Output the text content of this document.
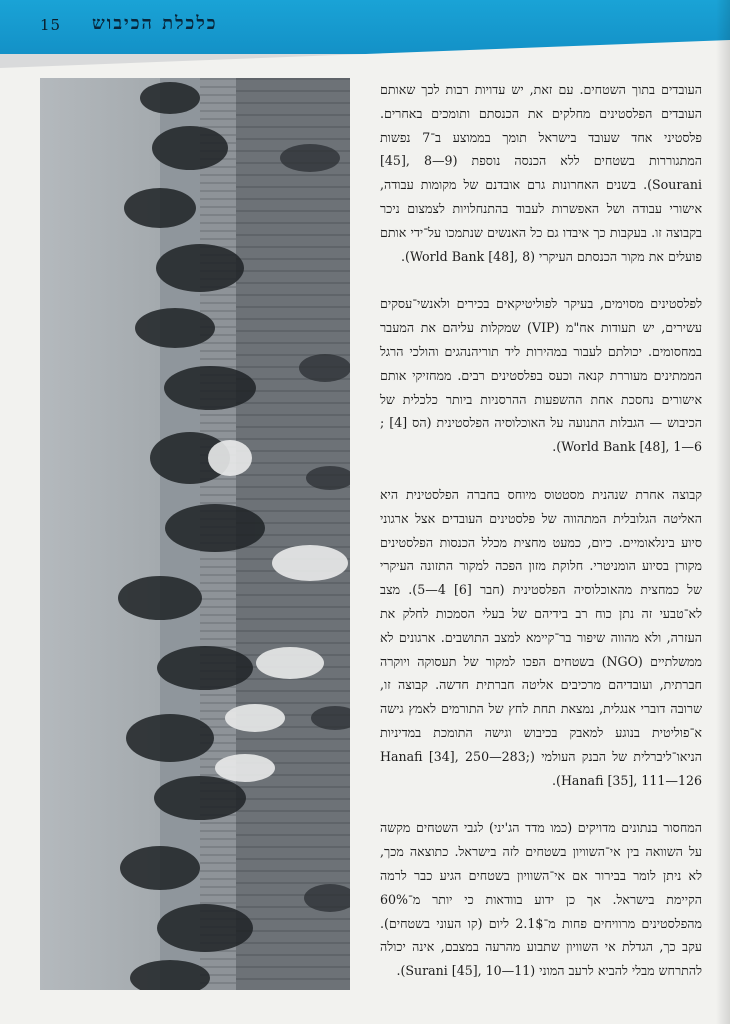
15 כלכלת הכיבוש

העובדים בתוך השטחים. עם זאת, יש עדויות רבות לכך שאותם העובדים הפלסטינים מחלקים את הכנסתם ותומכים באחרים. פלסטיני אחד שעובד בישראל תומך בממוצע ב־7 נפשות המתגוררות בשטחים ללא הכנסה נוספת (9—8 ,[45] Sourani). בשנים האחרונות גרם אובדנם של מקומות עבודה, אישורי עבודה ושל האפשרות לעבוד בהתנחלויות לצמצום ניכר בקבוצה זו. בעקבות כך איבדו גם כל האנשים שנתמכו על־ידי אותם פועלים את מקור הכנסתם העיקרי (World Bank [48], 8).

לפלסטינים מסוימים, בעיקר לפוליטיקאים בכירים ולאנשי־עסקים עשירים, יש תעודות אח"מ (VIP) שמקלות עליהם את המעבר במחסומים. יכולתם לעבור במהירות ליד תוריהנהגים והולכי הרגל הממתינים מעוררת קנאה וכעס בפלסטינים רבים. ממחזיקי אותם אישורים נחסכת אחת ההשפעות ההרסניות ביותר כלכלית של הכיבוש — הגבלות התנועה על האוכלוסיה הפלסטינית (הס [4] ; 6—1 ,[48] World Bank).

קבוצה אחרת שנהנית מסטטוס מיוחס בחברה הפלסטינית היא האליטה הגלובלית המתהווה של פלסטינים העובדים אצל ארגוני סיוע בינלאומיים. כיום, כמעט מחצית מכלל הכנסות הפלסטינים מקורן בסיוע הומניטרי. חלוקת מזון הפכה למקור התזונה העיקרי של כמחצית מהאוכלוסיה הפלסטינית (חבר [6] 4—5). מצב לא־טבעי זה נתן כוח רב בידיהם של בעלי הסמכות לחלק את העזרה, ולא מהווה שיפור בר־קיימא למצב התושבים. ארגונים לא ממשלתיים (NGO) בשטחים הפכו למקור של תעסוקה ויוקרה חברתית, ועובדיהם מרכיבים אליטה חברתית חדשה. קבוצה זו, שרובה דוברי אנגלית, נמצאת תחת לחץ של התורמים לאמץ גישה א־פוליטית בנוגע למאבק בכיבוש וגישה התומכת במדיניות הניאו־ליברלית של הבנק העולמי (Hanafi [34], 250—283; Hanafi [35], 111—126).

המחסור בנתונים מדויקים (כמו מדד הג'יני) לגבי השטחים מקשה על השוואה בין אי־השוויון בשטחים לזה בישראל. כתוצאה מכך, לא ניתן לומר בבירור אם אי־השוויון בשטחים הגיע כבר לרמה הקיימת בישראל. אך כן ידוע בוודאות כי יותר מ־60% מהפלסטינים מרוויחים פחות מ־2.1$ ליום (קו העוני בשטחים). עקב כך, הגדלת אי השוויון שתבוע מהרעה במצבם, אינה יכולה להתרחש מבלי להביא לרעב המוני (11—10 ,[45] Surani).
